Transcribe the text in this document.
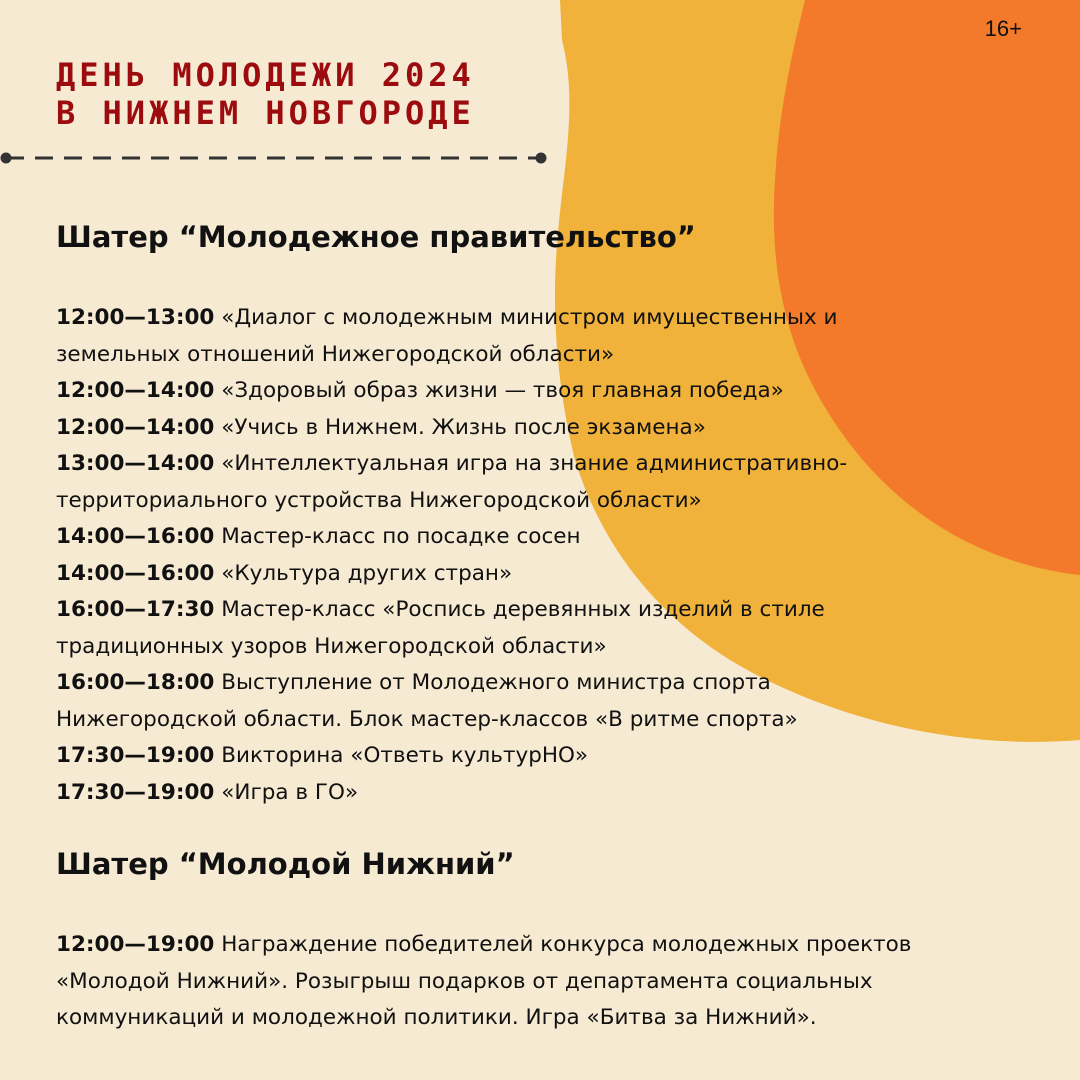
16+
ДЕНЬ МОЛОДЕЖИ 2024
В НИЖНЕМ НОВГОРОДЕ
Шатер “Молодежное правительство”
12:00—13:00 «Диалог с молодежным министром имущественных и
земельных отношений Нижегородской области»
12:00—14:00 «Здоровый образ жизни — твоя главная победа»
12:00—14:00 «Учись в Нижнем. Жизнь после экзамена»
13:00—14:00 «Интеллектуальная игра на знание административно-
территориального устройства Нижегородской области»
14:00—16:00 Мастер-класс по посадке сосен
14:00—16:00 «Культура других стран»
16:00—17:30 Мастер-класс «Роспись деревянных изделий в стиле
традиционных узоров Нижегородской области»
16:00—18:00 Выступление от Молодежного министра спорта
Нижегородской области. Блок мастер-классов «В ритме спорта»
17:30—19:00 Викторина «Ответь культурНО»
17:30—19:00 «Игра в ГО»
Шатер “Молодой Нижний”
12:00—19:00 Награждение победителей конкурса молодежных проектов
«Молодой Нижний». Розыгрыш подарков от департамента социальных
коммуникаций и молодежной политики. Игра «Битва за Нижний».
